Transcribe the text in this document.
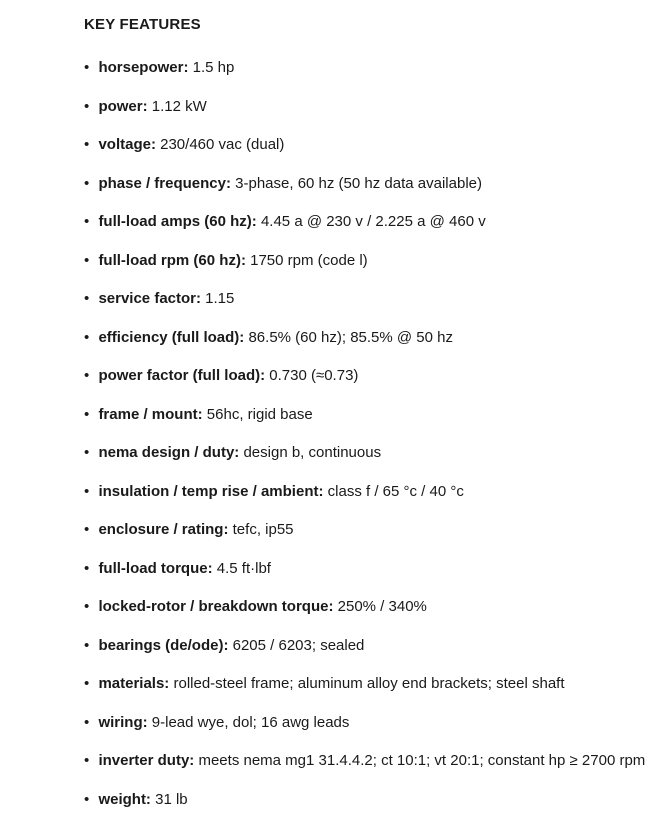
KEY FEATURES
• horsepower: 1.5 hp
• power: 1.12 kW
• voltage: 230/460 vac (dual)
• phase / frequency: 3-phase, 60 hz (50 hz data available)
• full-load amps (60 hz): 4.45 a @ 230 v / 2.225 a @ 460 v
• full-load rpm (60 hz): 1750 rpm (code l)
• service factor: 1.15
• efficiency (full load): 86.5% (60 hz); 85.5% @ 50 hz
• power factor (full load): 0.730 (≈0.73)
• frame / mount: 56hc, rigid base
• nema design / duty: design b, continuous
• insulation / temp rise / ambient: class f / 65 °c / 40 °c
• enclosure / rating: tefc, ip55
• full-load torque: 4.5 ft·lbf
• locked-rotor / breakdown torque: 250% / 340%
• bearings (de/ode): 6205 / 6203; sealed
• materials: rolled-steel frame; aluminum alloy end brackets; steel shaft
• wiring: 9-lead wye, dol; 16 awg leads
• inverter duty: meets nema mg1 31.4.4.2; ct 10:1; vt 20:1; constant hp ≥ 2700 rpm
• weight: 31 lb
